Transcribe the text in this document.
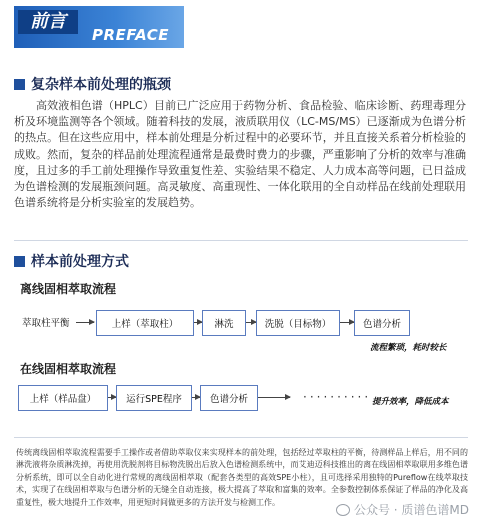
前言
PREFACE
复杂样本前处理的瓶颈
高效液相色谱（HPLC）目前已广泛应用于药物分析、食品检验、临床诊断、药理毒理分析及环境监测等各个领域。随着科技的发展，液质联用仪（LC-MS/MS）已逐渐成为色谱分析的热点。但在这些应用中，样本前处理是分析过程中的必要环节，并且直接关系着分析检验的成败。然而，复杂的样品前处理流程通常是最费时费力的步骤，严重影响了分析的效率与准确度，且过多的手工前处理操作导致重复性差、实验结果不稳定、人力成本高等问题，已日益成为色谱检测的发展瓶颈问题。高灵敏度、高重现性、一体化联用的全自动样品在线前处理联用色谱系统将是分析实验室的发展趋势。
样本前处理方式
离线固相萃取流程
萃取柱平衡	上样（萃取柱）	淋洗	洗脱（目标物）	色谱分析
流程繁琐，耗时较长
在线固相萃取流程
上样（样品盘）	运行SPE程序	色谱分析	·········· 提升效率，降低成本
传统离线固相萃取流程需要手工操作或者借助萃取仪来实现样本的前处理，包括经过萃取柱的平衡，待测样品上样后，用不同的淋洗液将杂质淋洗掉，再使用洗脱剂将目标物洗脱出后放入色谱检测系统中，而艾迪迈科技推出的离在线固相萃取联用多维色谱分析系统，即可以全自动化进行常规的离线固相萃取（配套各类型的高效SPE小柱），且可选择采用独特的Pureflow在线萃取技术，实现了在线固相萃取与色谱分析的无缝全自动连接，极大提高了萃取和富集的效率。全参数控制体系保证了样品的净化及高重复性，极大地提升工作效率，用更短时间做更多的方法开发与检测工作。
公众号 · 质谱色谱MD
